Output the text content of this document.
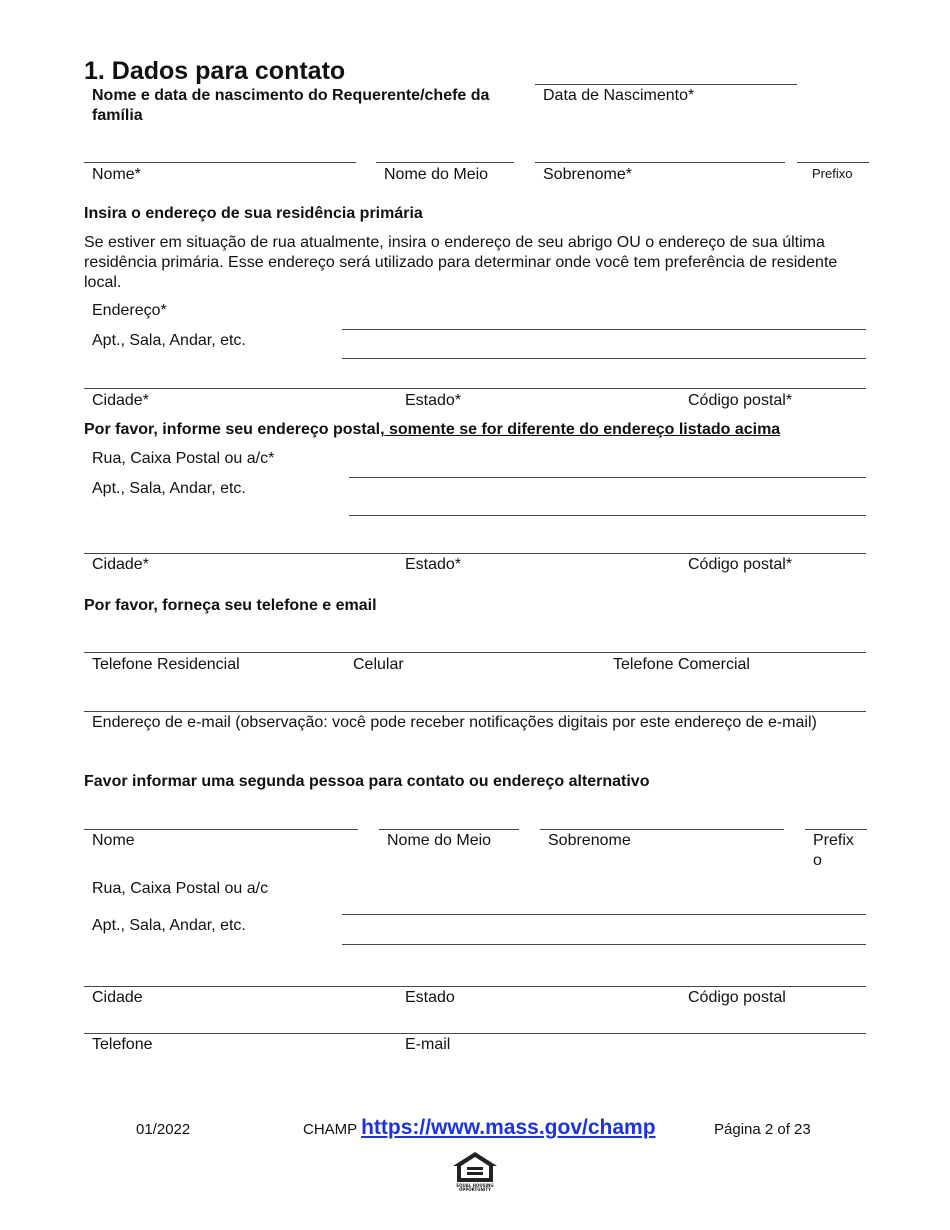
1. Dados para contato
Nome e data de nascimento do Requerente/chefe da família
Data de Nascimento*
Nome*	Nome do Meio	Sobrenome*	Prefixo
Insira o endereço de sua residência primária
Se estiver em situação de rua atualmente, insira o endereço de seu abrigo OU o endereço de sua última residência primária. Esse endereço será utilizado para determinar onde você tem preferência de residente local.
Endereço*
Apt., Sala, Andar, etc.
Cidade*	Estado*	Código postal*
Por favor, informe seu endereço postal, somente se for diferente do endereço listado acima
Rua, Caixa Postal ou a/c*
Apt., Sala, Andar, etc.
Cidade*	Estado*	Código postal*
Por favor, forneça seu telefone e email
Telefone Residencial	Celular	Telefone Comercial
Endereço de e-mail (observação: você pode receber notificações digitais por este endereço de e-mail)
Favor informar uma segunda pessoa para contato ou endereço alternativo
Nome	Nome do Meio	Sobrenome	Prefixo
Rua, Caixa Postal ou a/c
Apt., Sala, Andar, etc.
Cidade	Estado	Código postal
Telefone	E-mail
01/2022	CHAMP https://www.mass.gov/champ	Página 2 of 23
EQUAL HOUSING
OPPORTUNITY
